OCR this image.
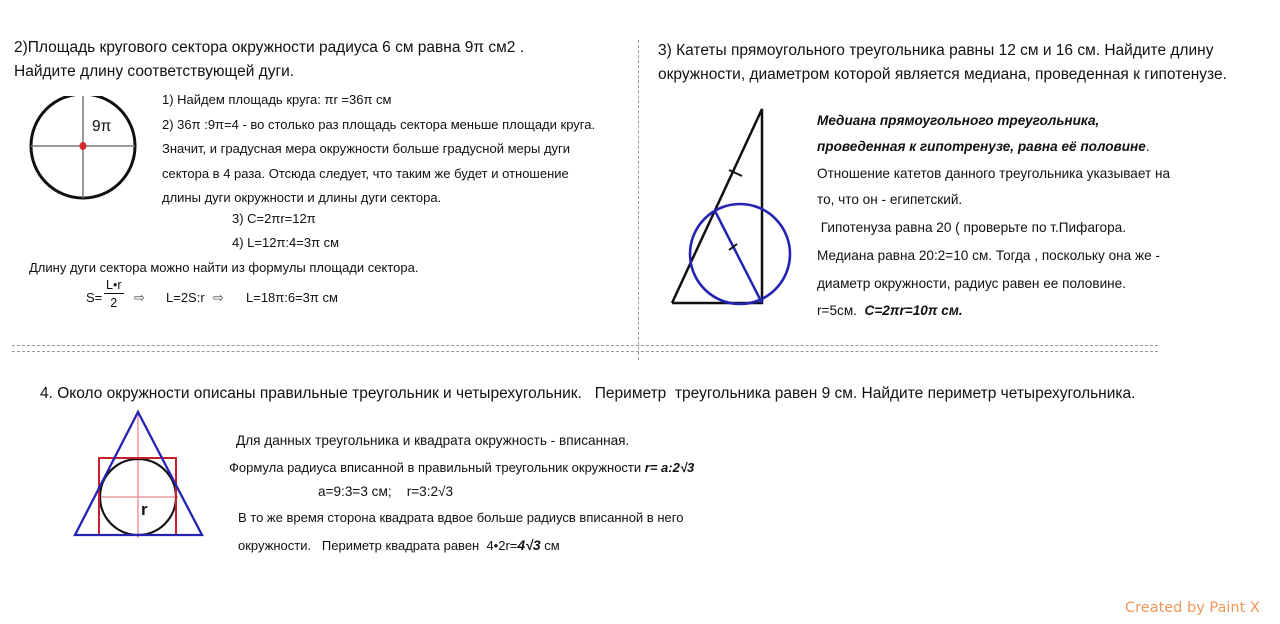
2)Площадь кругового сектора окружности радиуса 6 см равна 9π см2 .
Найдите длину соответствующей дуги.
9π
1) Найдем площадь круга: πr =36π см
2) 36π :9π=4 - во столько раз площадь сектора меньше площади круга.
Значит, и градусная мера окружности больше градусной меры дуги
сектора в 4 раза. Отсюда следует, что таким же будет и отношение
длины дуги окружности и длины дуги сектора.
3) C=2πr=12π
4) L=12π:4=3π см
Длину дуги сектора можно найти из формулы площади сектора.
$S= \frac{L•r}{2}$ ⇨ L=2S:r ⇨ L=18π:6=3π см
3) Катеты прямоугольного треугольника равны 12 см и 16 см. Найдите длину
окружности, диаметром которой является медиана, проведенная к гипотенузе.
Медиана прямоугольного треугольника,
проведенная к гипотренузе, равна её половине.
Отношение катетов данного треугольника указывает на
то, что он - египетский.
Гипотенуза равна 20 ( проверьте по т.Пифагора.
Медиана равна 20:2=10 см. Тогда , поскольку она же -
диаметр окружности, радиус равен ее половине.
r=5см. C=2πr=10π см.
4. Около окружности описаны правильные треугольник и четырехугольник.   Периметр  треугольника равен 9 см. Найдите периметр четырехугольника.
r
Для данных треугольника и квадрата окружность - вписанная.
Формула радиуса вписанной в правильный треугольник окружности r= a:2√3
a=9:3=3 см;    r=3:2√3
В то же время сторона квадрата вдвое больше радиусв вписанной в него
окружности.   Периметр квадрата равен  4•2r=4√3 см
Created by Paint X
